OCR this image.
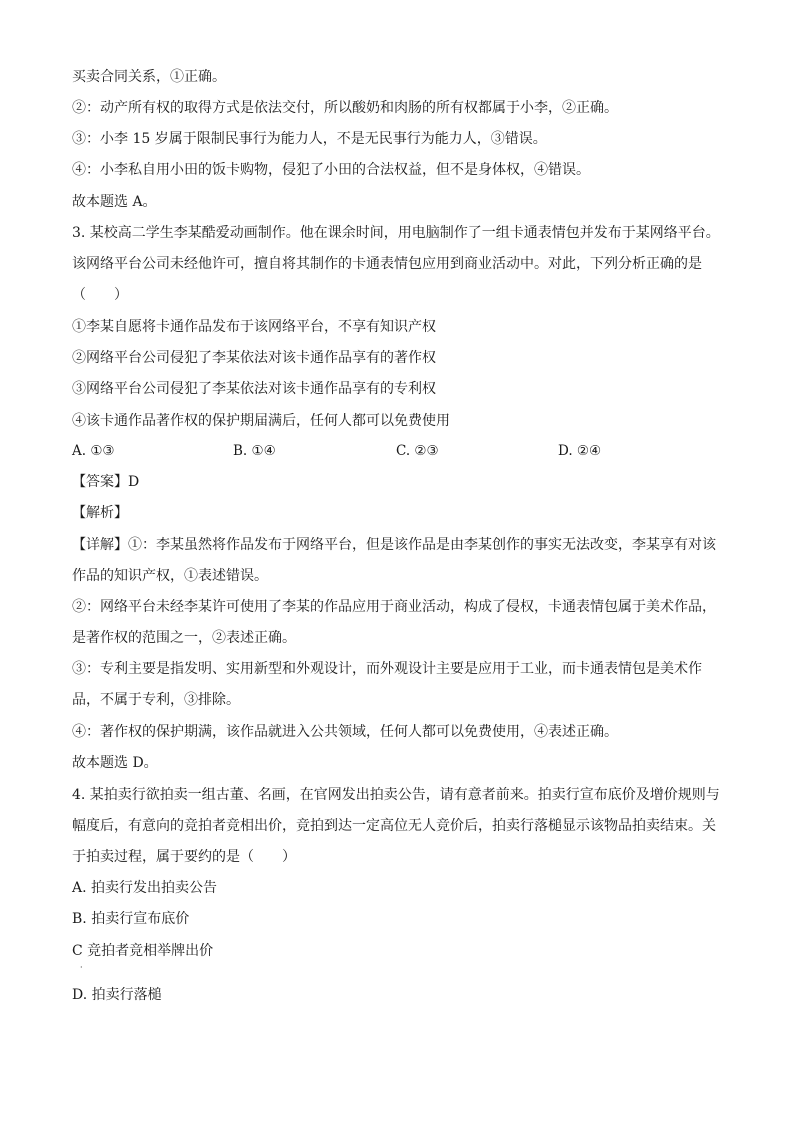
买卖合同关系，①正确。
②：动产所有权的取得方式是依法交付，所以酸奶和肉肠的所有权都属于小李，②正确。
③：小李 15 岁属于限制民事行为能力人，不是无民事行为能力人，③错误。
④：小李私自用小田的饭卡购物，侵犯了小田的合法权益，但不是身体权，④错误。
故本题选 A。
3. 某校高二学生李某酷爱动画制作。他在课余时间，用电脑制作了一组卡通表情包并发布于某网络平台。
该网络平台公司未经他许可，擅自将其制作的卡通表情包应用到商业活动中。对此，下列分析正确的是
（　　）
①李某自愿将卡通作品发布于该网络平台，不享有知识产权
②网络平台公司侵犯了李某依法对该卡通作品享有的著作权
③网络平台公司侵犯了李某依法对该卡通作品享有的专利权
④该卡通作品著作权的保护期届满后，任何人都可以免费使用
A. ①③	B. ①④	C. ②③	D. ②④
【答案】D
【解析】
【详解】①：李某虽然将作品发布于网络平台，但是该作品是由李某创作的事实无法改变，李某享有对该
作品的知识产权，①表述错误。
②：网络平台未经李某许可使用了李某的作品应用于商业活动，构成了侵权，卡通表情包属于美术作品，
是著作权的范围之一，②表述正确。
③：专利主要是指发明、实用新型和外观设计，而外观设计主要是应用于工业，而卡通表情包是美术作
品，不属于专利，③排除。
④：著作权的保护期满，该作品就进入公共领域，任何人都可以免费使用，④表述正确。
故本题选 D。
4. 某拍卖行欲拍卖一组古董、名画，在官网发出拍卖公告，请有意者前来。拍卖行宣布底价及增价规则与
幅度后，有意向的竞拍者竞相出价，竞拍到达一定高位无人竞价后，拍卖行落槌显示该物品拍卖结束。关
于拍卖过程，属于要约的是（　　）
A. 拍卖行发出拍卖公告
B. 拍卖行宣布底价
C 竞拍者竞相举牌出价
·
D. 拍卖行落槌
